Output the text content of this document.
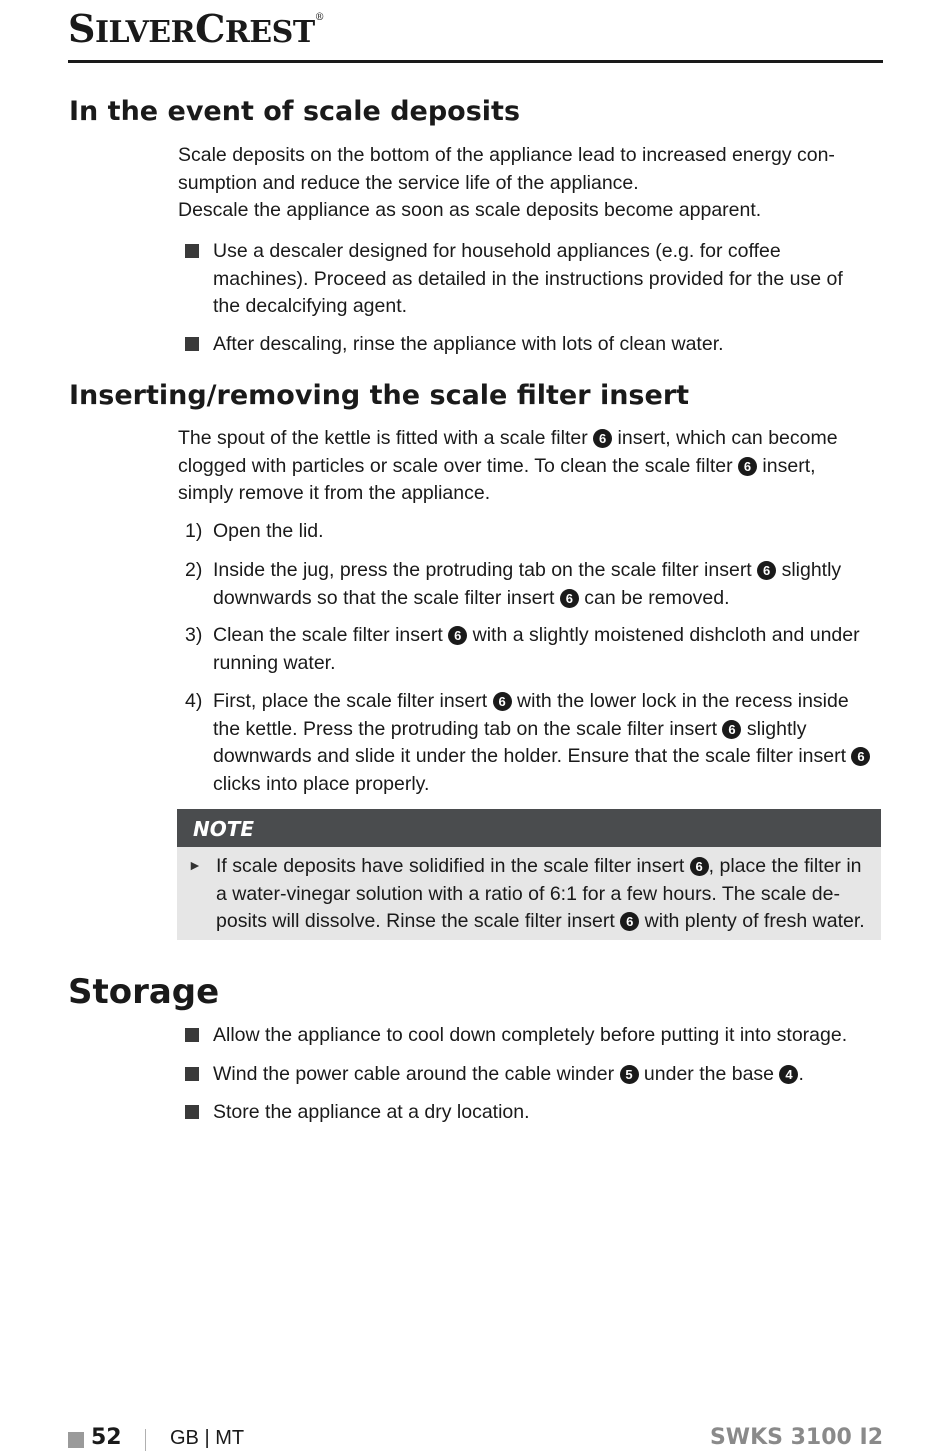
SILVERCREST®
In the event of scale deposits

Scale deposits on the bottom of the appliance lead to increased energy con-
sumption and reduce the service life of the appliance.
Descale the appliance as soon as scale deposits become apparent.

Use a descaler designed for household appliances (e.g. for coffee machines). Proceed as detailed in the instructions provided for the use of the decalcifying agent.
After descaling, rinse the appliance with lots of clean water.
Inserting/removing the scale filter insert

The spout of the kettle is fitted with a scale filter 6 insert, which can become clogged with particles or scale over time. To clean the scale filter 6 insert, simply remove it from the appliance.

1) Open the lid.
2) Inside the jug, press the protruding tab on the scale filter insert 6 slightly downwards so that the scale filter insert 6 can be removed.
3) Clean the scale filter insert 6 with a slightly moistened dishcloth and under running water.
4) First, place the scale filter insert 6 with the lower lock in the recess inside the kettle. Press the protruding tab on the scale filter insert 6 slightly downwards and slide it under the holder. Ensure that the scale filter insert 6 clicks into place properly.
NOTE
► If scale deposits have solidified in the scale filter insert 6 , place the filter in a water-vinegar solution with a ratio of 6:1 for a few hours. The scale de-posits will dissolve. Rinse the scale filter insert 6 with plenty of fresh water.
Storage
Allow the appliance to cool down completely before putting it into storage.
Wind the power cable around the cable winder 5 under the base 4 .
Store the appliance at a dry location.
52 GB | MT	SWKS 3100 I2
